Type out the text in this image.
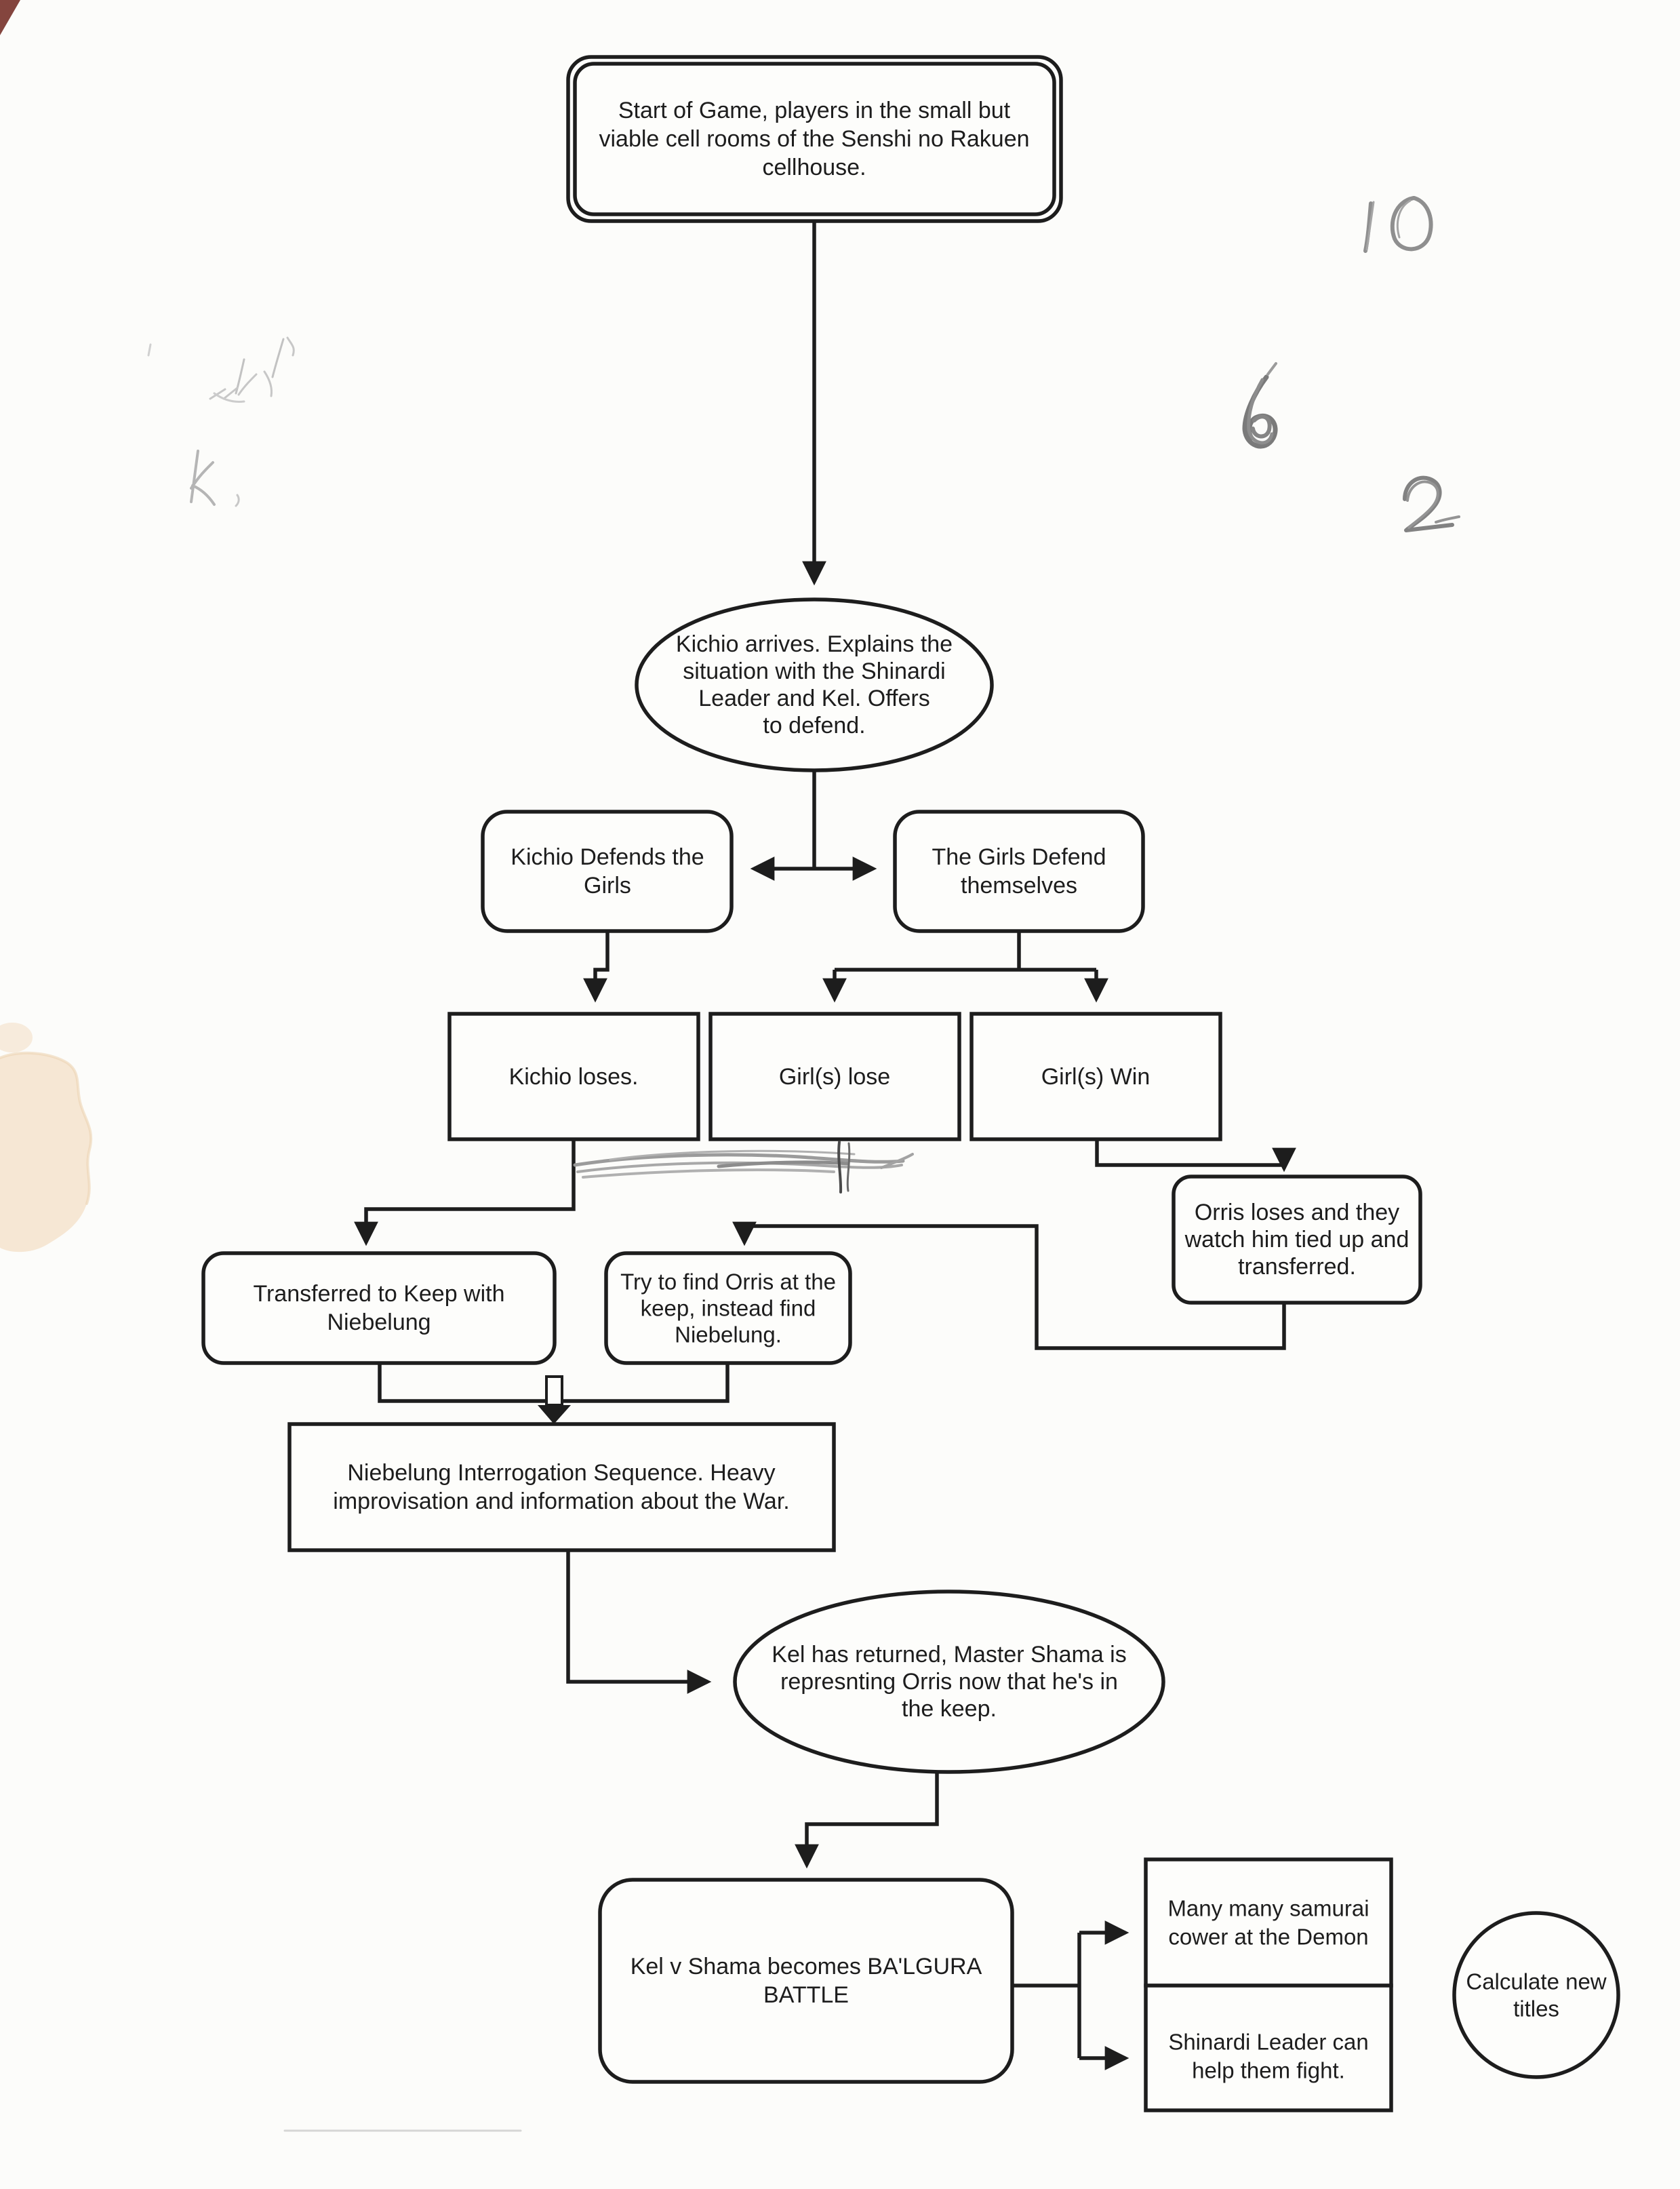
Start of Game, players in the small but
viable cell rooms of the Senshi no Rakuen
cellhouse.
Kichio arrives. Explains the
situation with the Shinardi
Leader and Kel. Offers
to defend.
Kichio Defends the
Girls
The Girls Defend
themselves
Kichio loses.	Girl(s) lose	Girl(s) Win
Orris loses and they
watch him tied up and
transferred.
Transferred to Keep with
Niebelung
Try to find Orris at the
keep, instead find
Niebelung.
Niebelung Interrogation Sequence. Heavy
improvisation and information about the War.
Kel has returned, Master Shama is
represnting Orris now that he's in
the keep.
Kel v Shama becomes BA'LGURA
BATTLE
Many many samurai
cower at the Demon
Shinardi Leader can
help them fight.
Calculate new
titles
